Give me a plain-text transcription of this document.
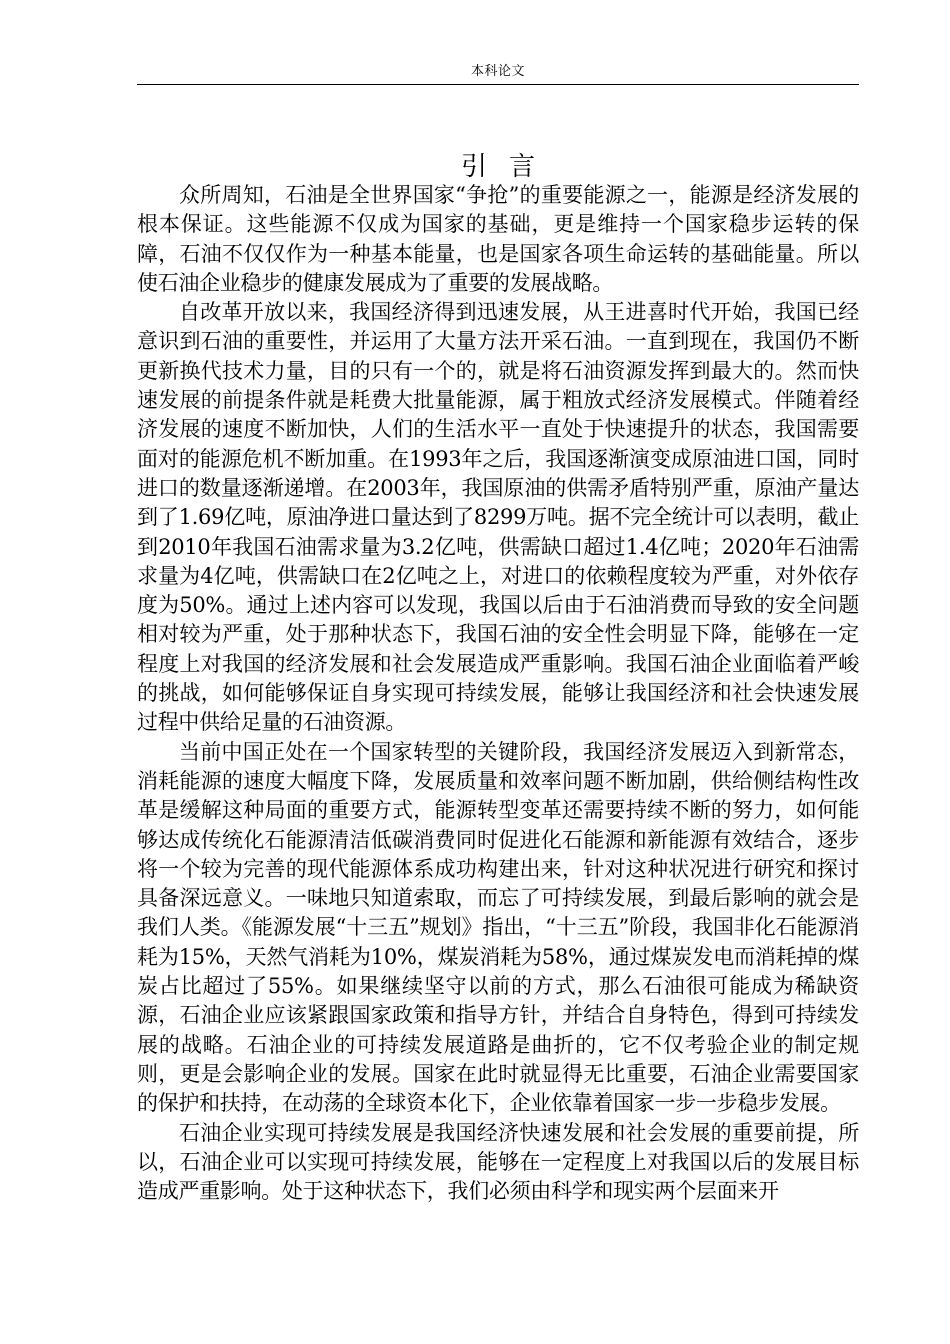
本科论文
引言

众所周知，石油是全世界国家“争抢”的重要能源之一，能源是经济发展的根本保证。这些能源不仅成为国家的基础，更是维持一个国家稳步运转的保障，石油不仅仅作为一种基本能量，也是国家各项生命运转的基础能量。所以使石油企业稳步的健康发展成为了重要的发展战略。

自改革开放以来，我国经济得到迅速发展，从王进喜时代开始，我国已经意识到石油的重要性，并运用了大量方法开采石油。一直到现在，我国仍不断更新换代技术力量，目的只有一个的，就是将石油资源发挥到最大的。然而快速发展的前提条件就是耗费大批量能源，属于粗放式经济发展模式。伴随着经济发展的速度不断加快，人们的生活水平一直处于快速提升的状态，我国需要面对的能源危机不断加重。在1993年之后，我国逐渐演变成原油进口国，同时进口的数量逐渐递增。在2003年，我国原油的供需矛盾特别严重，原油产量达到了1.69亿吨，原油净进口量达到了8299万吨。据不完全统计可以表明，截止到2010年我国石油需求量为3.2亿吨，供需缺口超过1.4亿吨；2020年石油需求量为4亿吨，供需缺口在2亿吨之上，对进口的依赖程度较为严重，对外依存度为50%。通过上述内容可以发现，我国以后由于石油消费而导致的安全问题相对较为严重，处于那种状态下，我国石油的安全性会明显下降，能够在一定程度上对我国的经济发展和社会发展造成严重影响。我国石油企业面临着严峻的挑战，如何能够保证自身实现可持续发展，能够让我国经济和社会快速发展过程中供给足量的石油资源。

当前中国正处在一个国家转型的关键阶段，我国经济发展迈入到新常态，消耗能源的速度大幅度下降，发展质量和效率问题不断加剧，供给侧结构性改革是缓解这种局面的重要方式，能源转型变革还需要持续不断的努力，如何能够达成传统化石能源清洁低碳消费同时促进化石能源和新能源有效结合，逐步将一个较为完善的现代能源体系成功构建出来，针对这种状况进行研究和探讨具备深远意义。一味地只知道索取，而忘了可持续发展，到最后影响的就会是我们人类。《能源发展“十三五”规划》指出，“十三五”阶段，我国非化石能源消耗为15%，天然气消耗为10%，煤炭消耗为58%，通过煤炭发电而消耗掉的煤炭占比超过了55%。如果继续坚守以前的方式，那么石油很可能成为稀缺资源，石油企业应该紧跟国家政策和指导方针，并结合自身特色，得到可持续发展的战略。石油企业的可持续发展道路是曲折的，它不仅考验企业的制定规则，更是会影响企业的发展。国家在此时就显得无比重要，石油企业需要国家的保护和扶持，在动荡的全球资本化下，企业依靠着国家一步一步稳步发展。

石油企业实现可持续发展是我国经济快速发展和社会发展的重要前提，所以，石油企业可以实现可持续发展，能够在一定程度上对我国以后的发展目标造成严重影响。处于这种状态下，我们必须由科学和现实两个层面来开
